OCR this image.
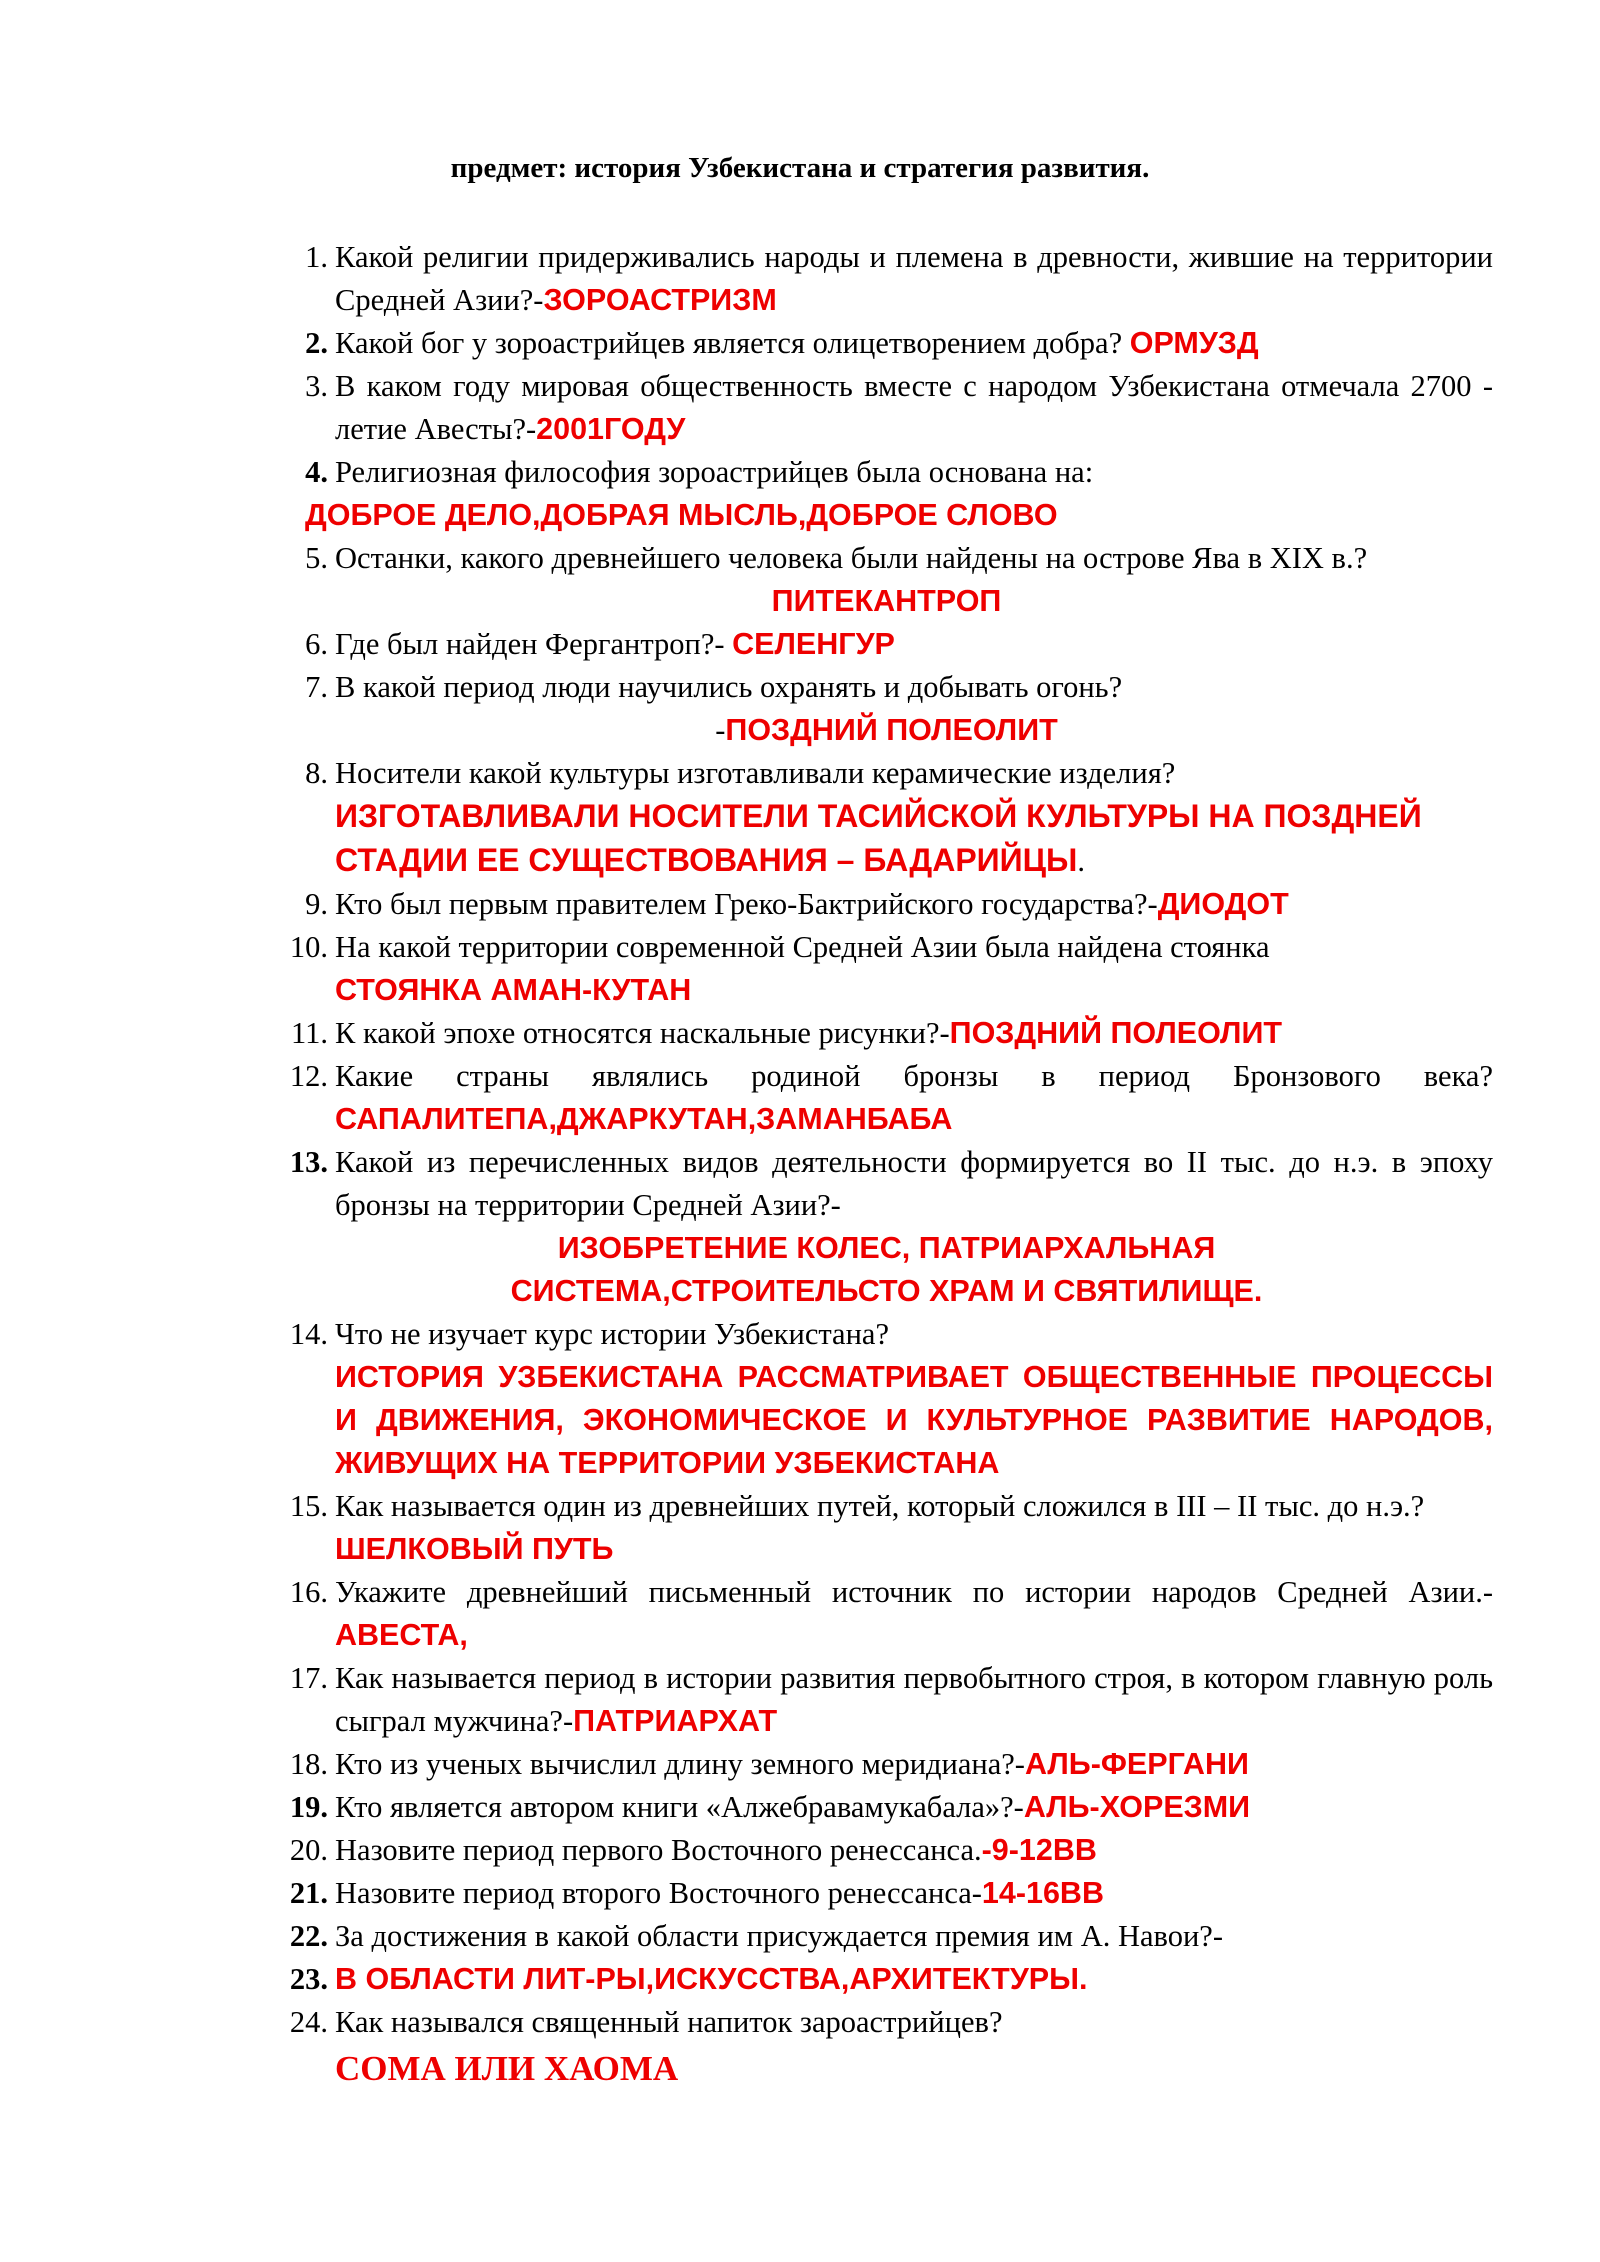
предмет: история Узбекистана и стратегия развития.
1. Какой религии придерживались народы и племена в древности, жившие на территории Средней Азии?-ЗОРОАСТРИЗМ
2. Какой бог у зороастрийцев является олицетворением добра? ОРМУЗД
3. В каком году мировая общественность вместе с народом Узбекистана отмечала 2700 - летие Авесты?-2001ГОДУ
4. Религиозная философия зороастрийцев была основана на:
ДОБРОЕ ДЕЛО,ДОБРАЯ МЫСЛЬ,ДОБРОЕ СЛОВО
5. Останки, какого древнейшего человека были найдены на острове Ява в XIX в.?
ПИТЕКАНТРОП
6. Где был найден Фергантроп?- СЕЛЕНГУР
7. В какой период люди научились охранять и добывать огонь?
-ПОЗДНИЙ ПОЛЕОЛИТ
8. Носители какой культуры изготавливали керамические изделия?
ИЗГОТАВЛИВАЛИ НОСИТЕЛИ ТАСИЙСКОЙ КУЛЬТУРЫ НА ПОЗДНЕЙ СТАДИИ ЕЕ СУЩЕСТВОВАНИЯ – БАДАРИЙЦЫ.
9. Кто был первым правителем Греко-Бактрийского государства?-ДИОДОТ
10. На какой территории современной Средней Азии была найдена стоянка
СТОЯНКА АМАН-КУТАН
11. К какой эпохе относятся наскальные рисунки?-ПОЗДНИЙ ПОЛЕОЛИТ
12. Какие страны являлись родиной бронзы в период Бронзового века? САПАЛИТЕПА,ДЖАРКУТАН,ЗАМАНБАБА
13. Какой из перечисленных видов деятельности формируется во II тыс. до н.э. в эпоху бронзы на территории Средней Азии?-
ИЗОБРЕТЕНИЕ КОЛЕС, ПАТРИАРХАЛЬНАЯ
СИСТЕМА,СТРОИТЕЛЬСТО ХРАМ И СВЯТИЛИЩЕ.
14. Что не изучает курс истории Узбекистана?
ИСТОРИЯ УЗБЕКИСТАНА РАССМАТРИВАЕТ ОБЩЕСТВЕННЫЕ ПРОЦЕССЫ И ДВИЖЕНИЯ, ЭКОНОМИЧЕСКОЕ И КУЛЬТУРНОЕ РАЗВИТИЕ НАРОДОВ, ЖИВУЩИХ НА ТЕРРИТОРИИ УЗБЕКИСТАНА
15. Как называется один из древнейших путей, который сложился в III – II тыс. до н.э.?
ШЕЛКОВЫЙ ПУТЬ
16. Укажите древнейший письменный источник по истории народов Средней Азии.- АВЕСТА,
17. Как называется период в истории развития первобытного строя, в котором главную роль сыграл мужчина?-ПАТРИАРХАТ
18. Кто из ученых вычислил длину земного меридиана?-АЛЬ-ФЕРГАНИ
19. Кто является автором книги «Алжебравамукабала»?-АЛЬ-ХОРЕЗМИ
20. Назовите период первого Восточного ренессанса.-9-12ВВ
21. Назовите период второго Восточного ренессанса-14-16ВВ
22. За достижения в какой области присуждается премия им А. Навои?-
23. В ОБЛАСТИ ЛИТ-РЫ,ИСКУССТВА,АРХИТЕКТУРЫ.
24. Как назывался священный напиток зароастрийцев?
СОМА ИЛИ ХАОМА
